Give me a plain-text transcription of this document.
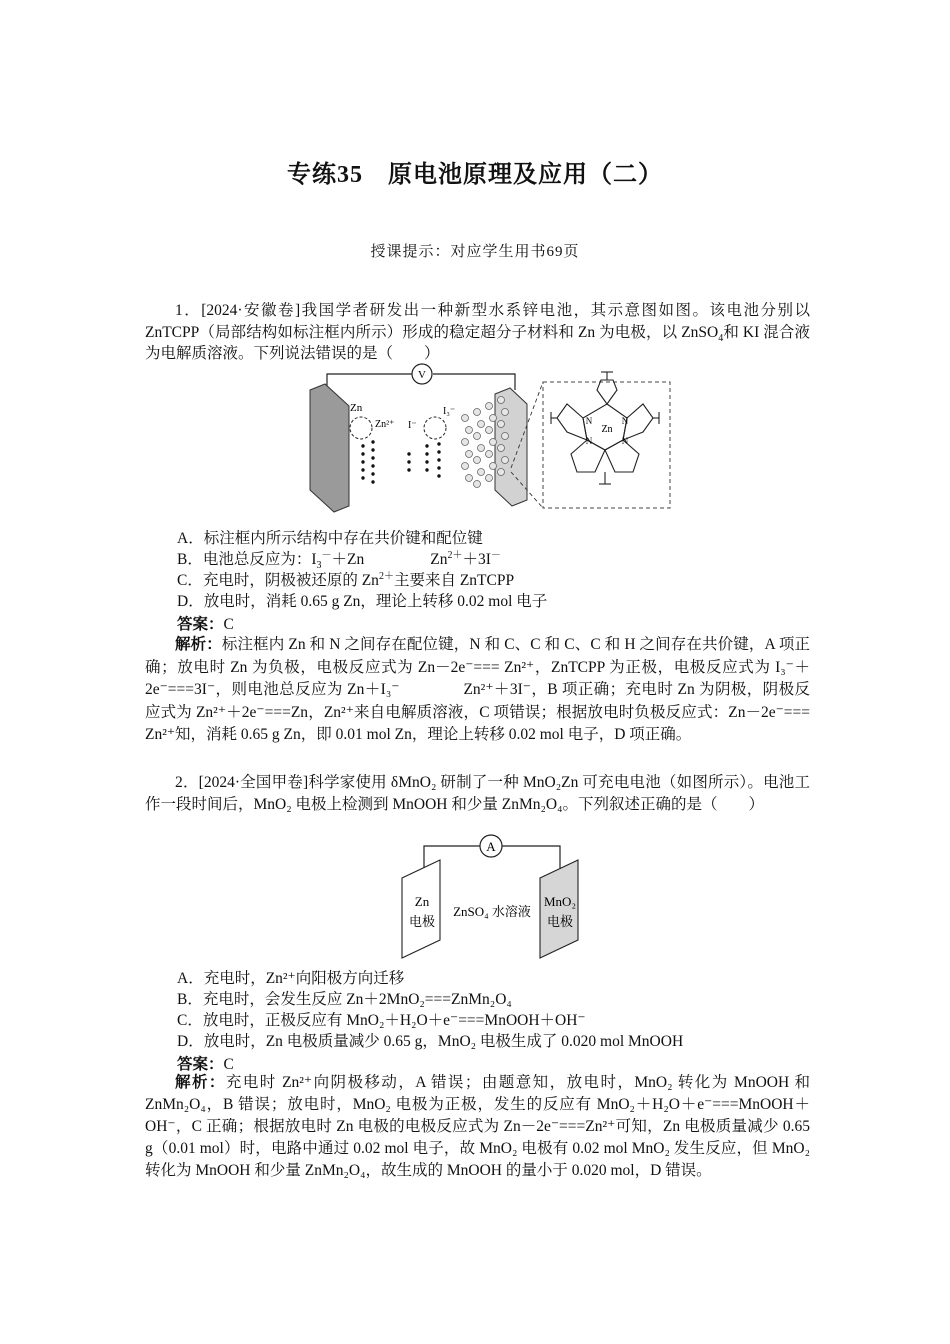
专练35　原电池原理及应用（二）
授课提示：对应学生用书69页

1．[2024·安徽卷]我国学者研发出一种新型水系锌电池，其示意图如图。该电池分别以ZnTCPP（局部结构如标注框内所示）形成的稳定超分子材料和 Zn 为电极，以 ZnSO$_4$和 KI 混合液为电解质溶液。下列说法错误的是（　　）

V
Zn
Zn²⁺ I⁻
I₃⁻
Zn
N	N
N	N
A．标注框内所示结构中存在共价键和配位键
B．电池总反应为：$I_3^-+Zn$	$Zn^{2+}+3I^-$
C．充电时，阴极被还原的 $Zn^{2+}$主要来自 ZnTCPP
D．放电时，消耗 0.65 g Zn，理论上转移 0.02 mol 电子
答案：C

解析：标注框内 Zn 和 N 之间存在配位键，N 和 C、C 和 C、C 和 H 之间存在共价键，A 项正确；放电时 Zn 为负极，电极反应式为 Zn－2e⁻=== Zn²⁺，ZnTCPP 为正极，电极反应式为 I₃⁻＋2e⁻===3I⁻，则电池总反应为 Zn＋I₃⁻　　　　Zn²⁺＋3I⁻，B 项正确；充电时 Zn 为阴极，阴极反应式为 Zn²⁺＋2e⁻===Zn，Zn²⁺来自电解质溶液，C 项错误；根据放电时负极反应式：Zn－2e⁻=== Zn²⁺知，消耗 0.65 g Zn，即 0.01 mol Zn，理论上转移 0.02 mol 电子，D 项正确。

2．[2024·全国甲卷]科学家使用 δMnO₂ 研制了一种 MnO₂Zn 可充电电池（如图所示）。电池工作一段时间后，MnO₂ 电极上检测到 MnOOH 和少量 ZnMn₂O₄。下列叙述正确的是（　　）

A
Zn
电极
ZnSO₄ 水溶液
MnO₂
电极
A．充电时，Zn²⁺向阳极方向迁移
B．充电时，会发生反应 Zn＋2MnO₂===ZnMn₂O₄
C．放电时，正极反应有 MnO₂＋H₂O＋e⁻===MnOOH＋OH⁻
D．放电时，Zn 电极质量减少 0.65 g，MnO₂ 电极生成了 0.020 mol MnOOH
答案：C

解析：充电时 Zn²⁺向阴极移动，A 错误；由题意知，放电时，MnO₂ 转化为 MnOOH 和 ZnMn₂O₄，B 错误；放电时，MnO₂ 电极为正极，发生的反应有 MnO₂＋H₂O＋e⁻===MnOOH＋OH⁻，C 正确；根据放电时 Zn 电极的电极反应式为 Zn－2e⁻===Zn²⁺可知，Zn 电极质量减少 0.65 g（0.01 mol）时，电路中通过 0.02 mol 电子，故 MnO₂ 电极有 0.02 mol MnO₂ 发生反应，但 MnO₂ 转化为 MnOOH 和少量 ZnMn₂O₄，故生成的 MnOOH 的量小于 0.020 mol，D 错误。
